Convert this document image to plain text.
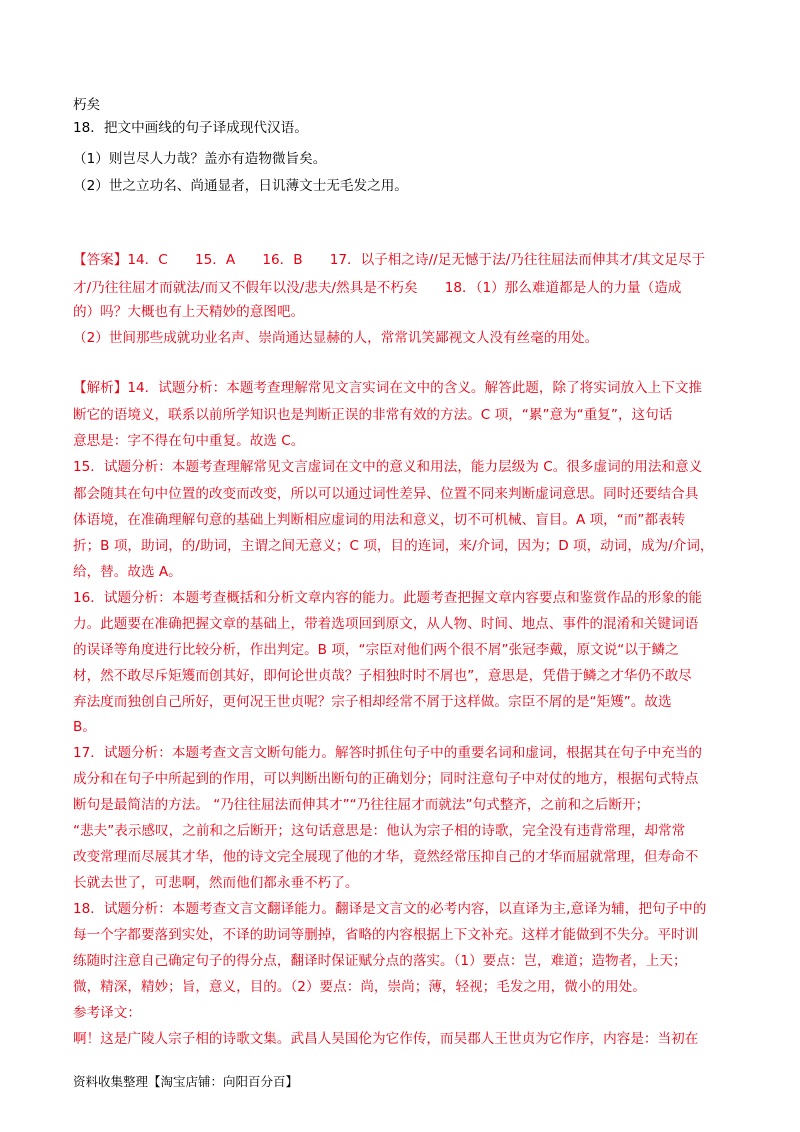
朽矣
18．把文中画线的句子译成现代汉语。
（1）则岂尽人力哉？盖亦有造物微旨矣。
（2）世之立功名、尚通显者，日讥薄文士无毛发之用。
【答案】14．C　　15．A　　16．B　　17．以子相之诗//足无憾于法/乃往往屈法而伸其才/其文足尽于
才/乃往往屈才而就法/而又不假年以没/悲夫/然具是不朽矣　　18．（1）那么难道都是人的力量（造成
的）吗？大概也有上天精妙的意图吧。
（2）世间那些成就功业名声、崇尚通达显赫的人，常常讥笑鄙视文人没有丝毫的用处。
【解析】14．试题分析：本题考查理解常见文言实词在文中的含义。解答此题，除了将实词放入上下文推
断它的语境义，联系以前所学知识也是判断正误的非常有效的方法。C 项，“累”意为“重复”，这句话
意思是：字不得在句中重复。故选 C。
15．试题分析：本题考查理解常见文言虚词在文中的意义和用法，能力层级为 C。很多虚词的用法和意义
都会随其在句中位置的改变而改变，所以可以通过词性差异、位置不同来判断虚词意思。同时还要结合具
体语境，在准确理解句意的基础上判断相应虚词的用法和意义，切不可机械、盲目。A 项，“而”都表转
折；B 项，助词，的/助词，主谓之间无意义；C 项，目的连词，来/介词，因为；D 项，动词，成为/介词，
给，替。故选 A。
16．试题分析：本题考查概括和分析文章内容的能力。此题考查把握文章内容要点和鉴赏作品的形象的能
力。此题要在准确把握文章的基础上，带着选项回到原文，从人物、时间、地点、事件的混淆和关键词语
的误译等角度进行比较分析，作出判定。B 项，“宗臣对他们两个很不屑”张冠李戴，原文说“以于鳞之
材，然不敢尽斥矩矱而创其好，即何论世贞哉？子相独时时不屑也”，意思是，凭借于鳞之才华仍不敢尽
弃法度而独创自己所好，更何况王世贞呢？宗子相却经常不屑于这样做。宗臣不屑的是“矩矱”。故选
B。
17．试题分析：本题考查文言文断句能力。解答时抓住句子中的重要名词和虚词，根据其在句子中充当的
成分和在句子中所起到的作用，可以判断出断句的正确划分；同时注意句子中对仗的地方，根据句式特点
断句是最简洁的方法。 “乃往往屈法而伸其才”“乃往往屈才而就法”句式整齐，之前和之后断开；
“悲夫”表示感叹，之前和之后断开；这句话意思是：他认为宗子相的诗歌，完全没有违背常理，却常常
改变常理而尽展其才华，他的诗文完全展现了他的才华，竟然经常压抑自己的才华而屈就常理，但寿命不
长就去世了，可悲啊，然而他们都永垂不朽了。
18．试题分析：本题考查文言文翻译能力。翻译是文言文的必考内容，以直译为主,意译为辅，把句子中的
每一个字都要落到实处，不译的助词等删掉，省略的内容根据上下文补充。这样才能做到不失分。平时训
练随时注意自己确定句子的得分点，翻译时保证赋分点的落实。（1）要点：岂，难道；造物者，上天；
微，精深，精妙；旨，意义，目的。（2）要点：尚，崇尚；薄，轻视；毛发之用，微小的用处。
参考译文：
啊！这是广陵人宗子相的诗歌文集。武昌人吴国伦为它作传，而吴郡人王世贞为它作序，内容是：当初在
资料收集整理【淘宝店铺：向阳百分百】
